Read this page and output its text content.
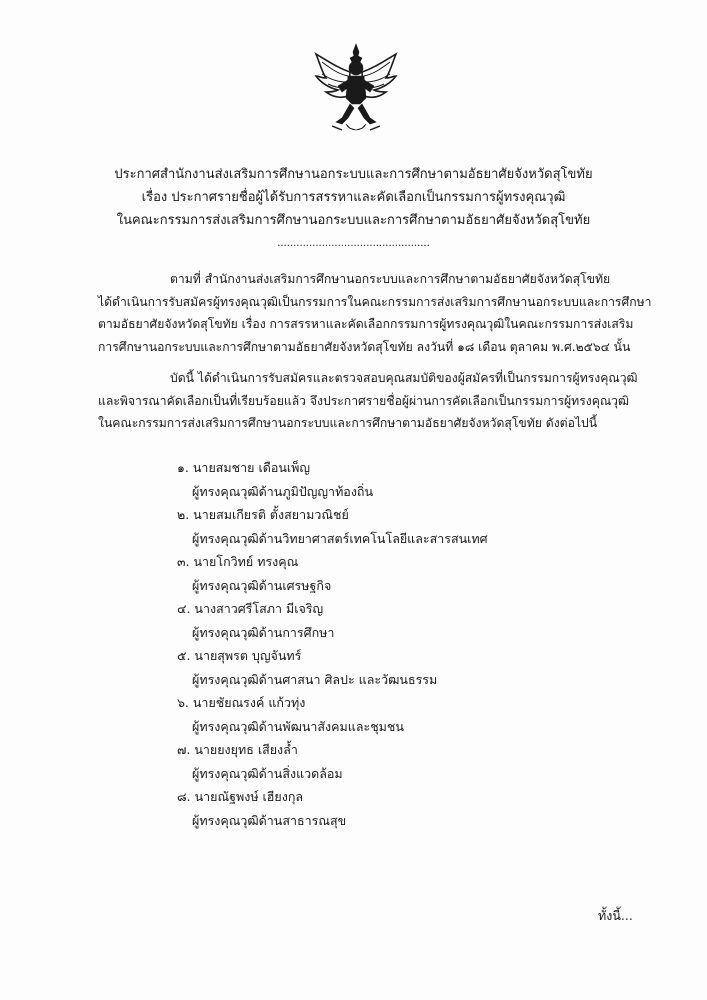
ประกาศสำนักงานส่งเสริมการศึกษานอกระบบและการศึกษาตามอัธยาศัยจังหวัดสุโขทัย
เรื่อง ประกาศรายชื่อผู้ได้รับการสรรหาและคัดเลือกเป็นกรรมการผู้ทรงคุณวุฒิ
ในคณะกรรมการส่งเสริมการศึกษานอกระบบและการศึกษาตามอัธยาศัยจังหวัดสุโขทัย
................................................

ตามที่ สำนักงานส่งเสริมการศึกษานอกระบบและการศึกษาตามอัธยาศัยจังหวัดสุโขทัย

ได้ดำเนินการรับสมัครผู้ทรงคุณวุฒิเป็นกรรมการในคณะกรรมการส่งเสริมการศึกษานอกระบบและการศึกษา

ตามอัธยาศัยจังหวัดสุโขทัย เรื่อง การสรรหาและคัดเลือกกรรมการผู้ทรงคุณวุฒิในคณะกรรมการส่งเสริม

การศึกษานอกระบบและการศึกษาตามอัธยาศัยจังหวัดสุโขทัย ลงวันที่ ๑๘ เดือน ตุลาคม พ.ศ.๒๕๖๔ นั้น

บัดนี้ ได้ดำเนินการรับสมัครและตรวจสอบคุณสมบัติของผู้สมัครที่เป็นกรรมการผู้ทรงคุณวุฒิ

และพิจารณาคัดเลือกเป็นที่เรียบร้อยแล้ว จึงประกาศรายชื่อผู้ผ่านการคัดเลือกเป็นกรรมการผู้ทรงคุณวุฒิ

ในคณะกรรมการส่งเสริมการศึกษานอกระบบและการศึกษาตามอัธยาศัยจังหวัดสุโขทัย ดังต่อไปนี้

๑. นายสมชาย เดือนเพ็ญ
ผู้ทรงคุณวุฒิด้านภูมิปัญญาท้องถิ่น
๒. นายสมเกียรติ ตั้งสยามวณิชย์
ผู้ทรงคุณวุฒิด้านวิทยาศาสตร์เทคโนโลยีและสารสนเทศ
๓. นายโกวิทย์ ทรงคุณ
ผู้ทรงคุณวุฒิด้านเศรษฐกิจ
๔. นางสาวศรีโสภา มีเจริญ
ผู้ทรงคุณวุฒิด้านการศึกษา
๕. นายสุพรต บุญจันทร์
ผู้ทรงคุณวุฒิด้านศาสนา ศิลปะ และวัฒนธรรม
๖. นายชัยณรงค์ แก้วทุ่ง
ผู้ทรงคุณวุฒิด้านพัฒนาสังคมและชุมชน
๗. นายยงยุทธ เสียงล้ำ
ผู้ทรงคุณวุฒิด้านสิ่งแวดล้อม
๘. นายณัฐพงษ์ เฮียงกุล
ผู้ทรงคุณวุฒิด้านสาธารณสุข
ทั้งนี้...
